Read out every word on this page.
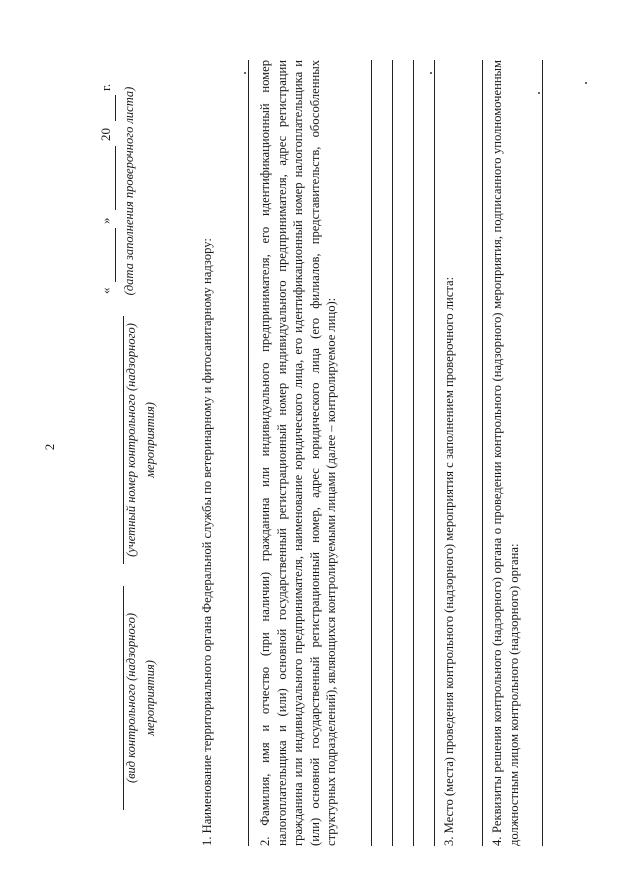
2
(вид контрольного (надзорного) мероприятия)
(учетный номер контрольного (надзорного) мероприятия)
«
»
20
г. (дата заполнения проверочного листа)
1. Наименование территориального органа Федеральной службы по ветеринарному и фитосанитарному надзору:	2. Фамилия, имя и отчество (при наличии) гражданина или индивидуального предпринимателя, его идентификационный номер налогоплательщика и (или) основной государственный регистрационный номер индивидуального предпринимателя, адрес регистрации гражданина или индивидуального предпринимателя, наименование юридического лица, его идентификационный номер налогоплательщика и (или) основной государственный регистрационный номер, адрес юридического лица (его филиалов, представительств, обособленных структурных подразделений), являющихся контролируемыми лицами (далее – контролируемое лицо):	3. Место (места) проведения контрольного (надзорного) мероприятия с заполнением проверочного листа:	4. Реквизиты решения контрольного (надзорного) органа о проведении контрольного (надзорного) мероприятия, подписанного уполномоченным должностным лицом контрольного (надзорного) органа:
